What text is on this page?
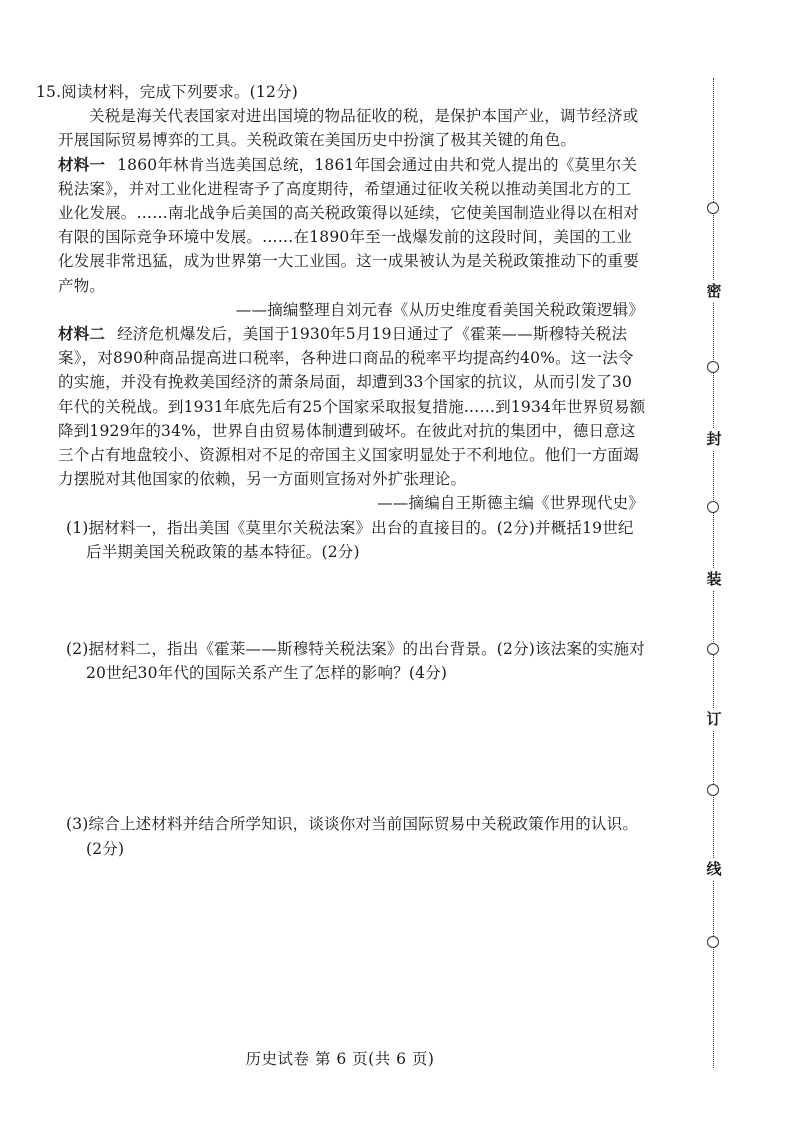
15.阅读材料，完成下列要求。(12分)

关税是海关代表国家对进出国境的物品征收的税，是保护本国产业，调节经济或开展国际贸易博弈的工具。关税政策在美国历史中扮演了极其关键的角色。

材料一 1860年林肯当选美国总统，1861年国会通过由共和党人提出的《莫里尔关税法案》，并对工业化进程寄予了高度期待，希望通过征收关税以推动美国北方的工业化发展。……南北战争后美国的高关税政策得以延续，它使美国制造业得以在相对有限的国际竞争环境中发展。……在1890年至一战爆发前的这段时间，美国的工业化发展非常迅猛，成为世界第一大工业国。这一成果被认为是关税政策推动下的重要产物。

——摘编整理自刘元春《从历史维度看美国关税政策逻辑》

材料二 经济危机爆发后，美国于1930年5月19日通过了《霍莱——斯穆特关税法案》，对890种商品提高进口税率，各种进口商品的税率平均提高约40%。这一法令的实施，并没有挽救美国经济的萧条局面，却遭到33个国家的抗议，从而引发了30年代的关税战。到1931年底先后有25个国家采取报复措施……到1934年世界贸易额降到1929年的34%，世界自由贸易体制遭到破坏。在彼此对抗的集团中，德日意这三个占有地盘较小、资源相对不足的帝国主义国家明显处于不利地位。他们一方面竭力摆脱对其他国家的依赖，另一方面则宣扬对外扩张理论。

——摘编自王斯德主编《世界现代史》

(1)据材料一，指出美国《莫里尔关税法案》出台的直接目的。(2分)并概括19世纪后半期美国关税政策的基本特征。(2分)

(2)据材料二，指出《霍莱——斯穆特关税法案》的出台背景。(2分)该法案的实施对20世纪30年代的国际关系产生了怎样的影响？(4分)

(3)综合上述材料并结合所学知识，谈谈你对当前国际贸易中关税政策作用的认识。(2分)

历史试卷 第 6 页(共 6 页)
密
封
装
订
线
